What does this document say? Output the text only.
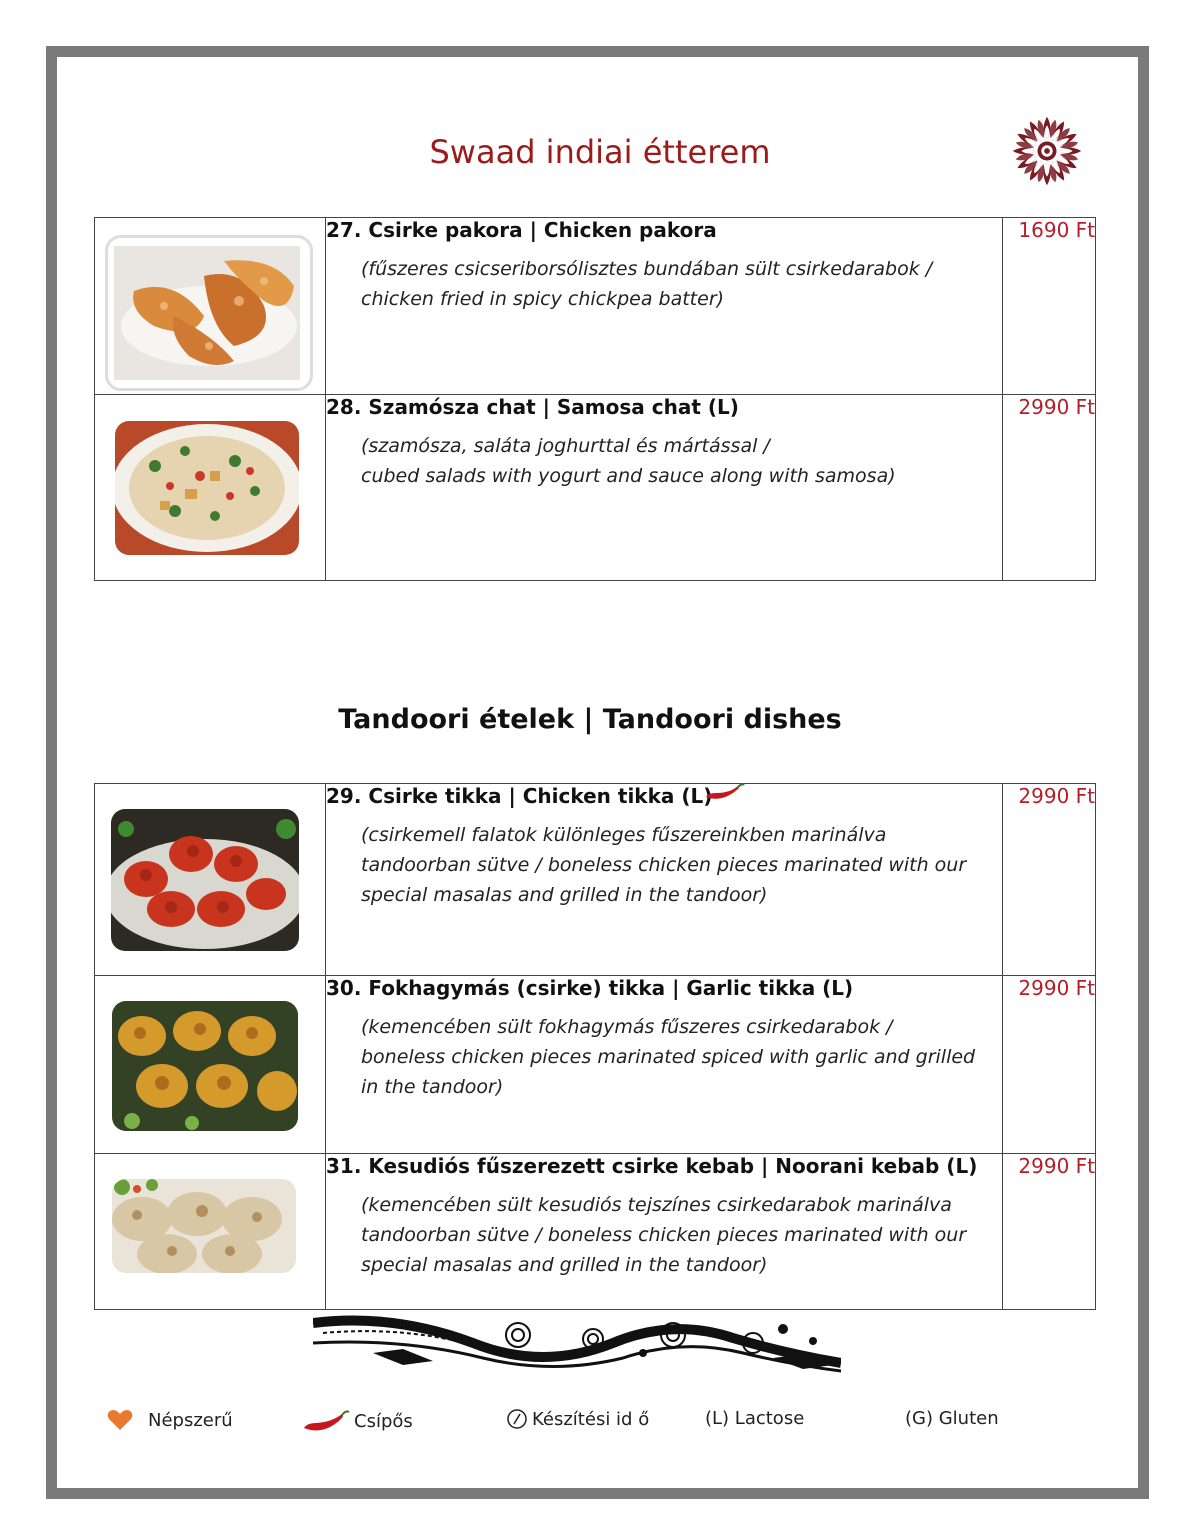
Swaad indiai étterem

27. Csirke pakora | Chicken pakora
(fűszeres csicseriborsólisztes bundában sült csirkedarabok /
chicken fried in spicy chickpea batter)	1690 Ft

28. Szamósza chat | Samosa chat (L)
(szamósza, saláta joghurttal és mártással /
cubed salads with yogurt and sauce along with samosa)	2990 Ft
Tandoori ételek | Tandoori dishes

29. Csirke tikka | Chicken tikka (L)
(csirkemell falatok különleges fűszereinkben marinálva
tandoorban sütve / boneless chicken pieces marinated with our
special masalas and grilled in the tandoor)	2990 Ft

30. Fokhagymás (csirke) tikka | Garlic tikka (L)
(kemencében sült fokhagymás fűszeres csirkedarabok /
boneless chicken pieces marinated spiced with garlic and grilled
in the tandoor)	2990 Ft

31. Kesudiós fűszerezett csirke kebab | Noorani kebab (L)
(kemencében sült kesudiós tejszínes csirkedarabok marinálva
tandoorban sütve / boneless chicken pieces marinated with our
special masalas and grilled in the tandoor)	2990 Ft
Népszerű	Csípős	Készítési id ő	(L) Lactose	(G) Gluten
